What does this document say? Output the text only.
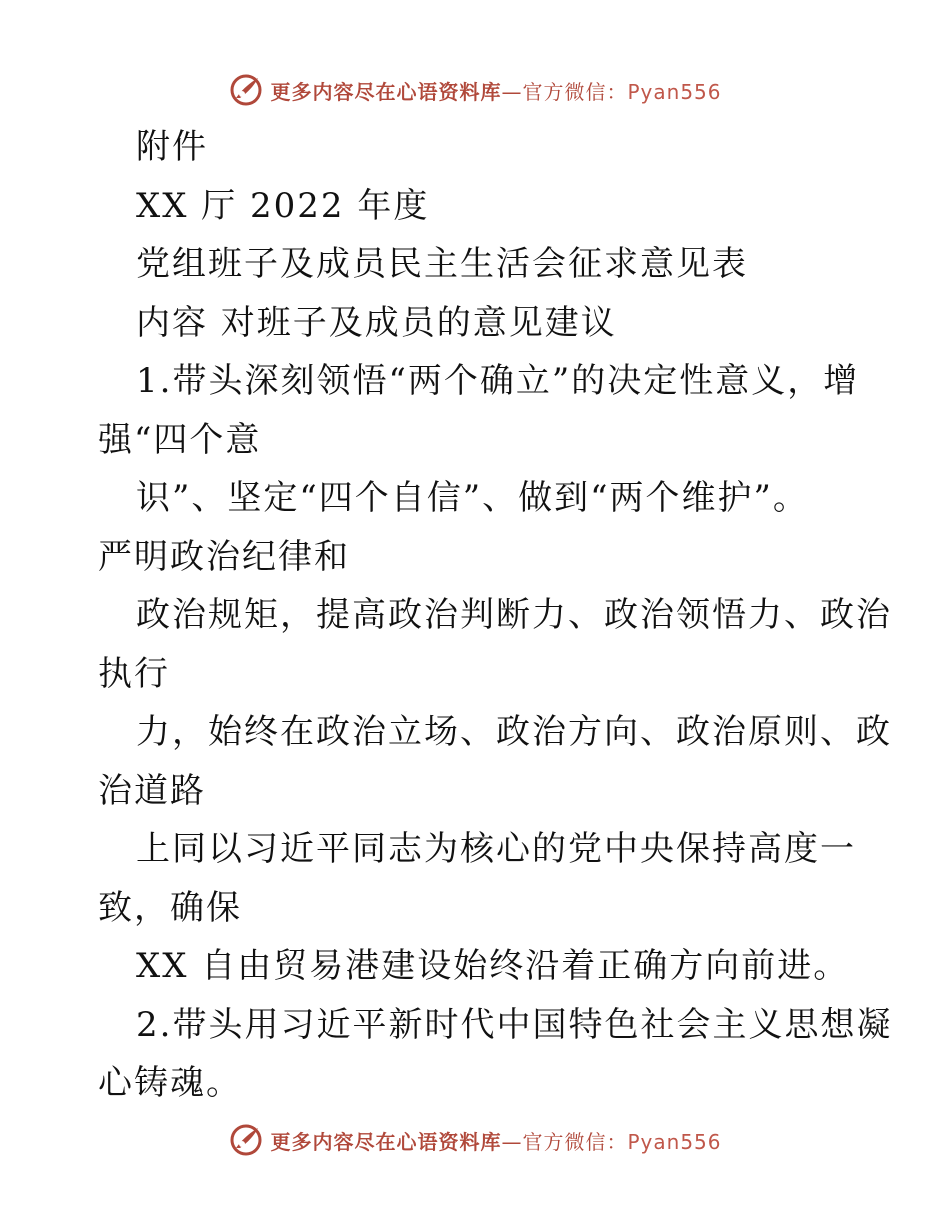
更多内容尽在心语资料库—官方微信：Pyan556
附件
XX 厅 2022 年度
党组班子及成员民主生活会征求意见表
内容 对班子及成员的意见建议
1.带头深刻领悟“两个确立”的决定性意义，增
强“四个意
识”、坚定“四个自信”、做到“两个维护”。
严明政治纪律和
政治规矩，提高政治判断力、政治领悟力、政治
执行
力，始终在政治立场、政治方向、政治原则、政
治道路
上同以习近平同志为核心的党中央保持高度一
致，确保
XX 自由贸易港建设始终沿着正确方向前进。
2.带头用习近平新时代中国特色社会主义思想凝
心铸魂。
更多内容尽在心语资料库—官方微信：Pyan556
